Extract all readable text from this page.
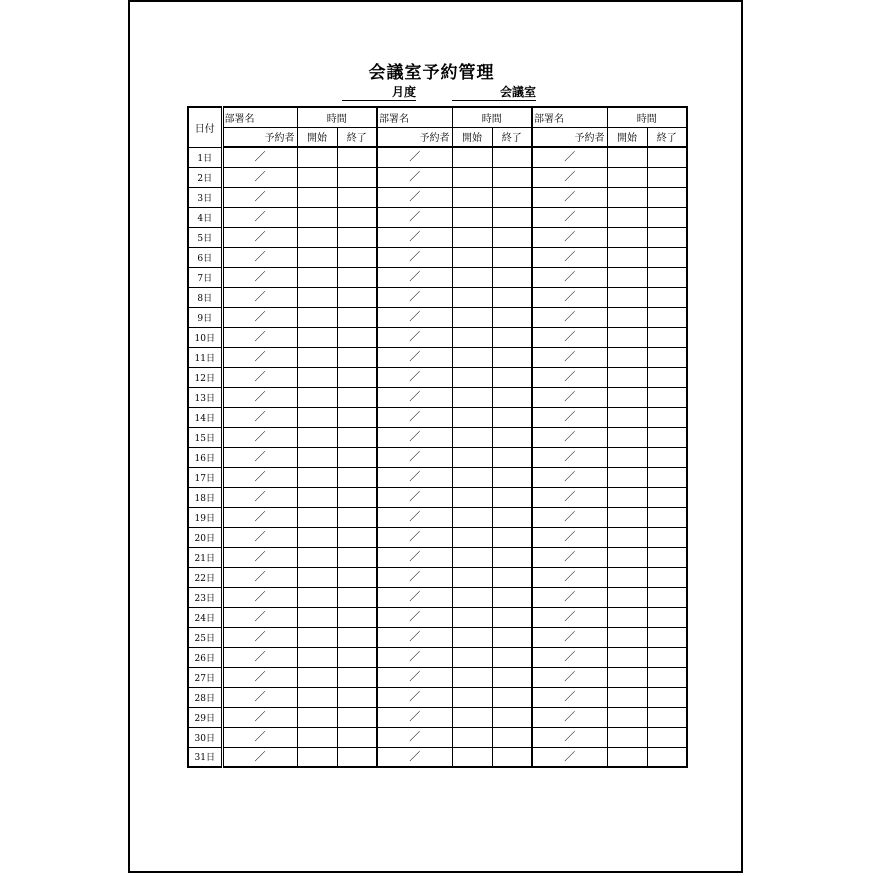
会議室予約管理
月度	会議室
日付	部署名	時間		部署名	時間		部署名	時間	
	予約者	開始	終了	予約者	開始	終了	予約者	開始	終了
1日	／			／			／		

2日	／			／			／		

3日	／			／			／		

4日	／			／			／		

5日	／			／			／		

6日	／			／			／		

7日	／			／			／		

8日	／			／			／		

9日	／			／			／		

10日	／			／			／		

11日	／			／			／		

12日	／			／			／		

13日	／			／			／		

14日	／			／			／		

15日	／			／			／		

16日	／			／			／		

17日	／			／			／		

18日	／			／			／		

19日	／			／			／		

20日	／			／			／		

21日	／			／			／		

22日	／			／			／		

23日	／			／			／		

24日	／			／			／		

25日	／			／			／		

26日	／			／			／		

27日	／			／			／		

28日	／			／			／		

29日	／			／			／		

30日	／			／			／		

31日	／			／			／		
